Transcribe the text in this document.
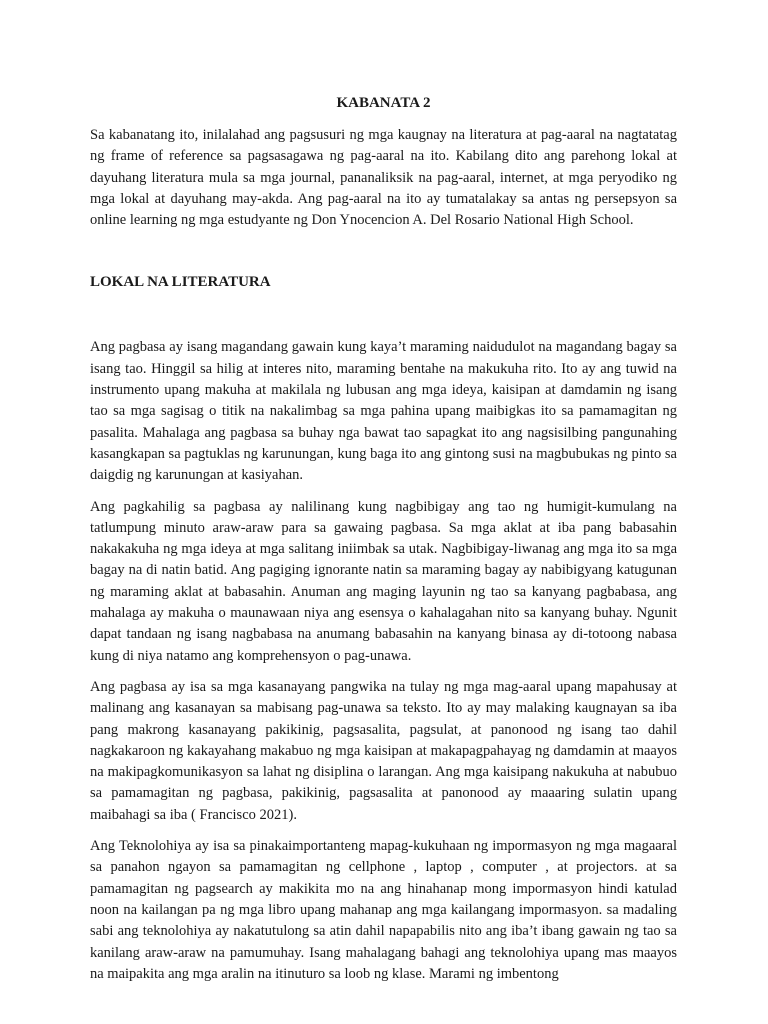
KABANATA 2

Sa kabanatang ito, inilalahad ang pagsusuri ng mga kaugnay na literatura at pag-aaral na nagtatatag ng frame of reference sa pagsasagawa ng pag-aaral na ito. Kabilang dito ang parehong lokal at dayuhang literatura mula sa mga journal, pananaliksik na pag-aaral, internet, at mga peryodiko ng mga lokal at dayuhang may-akda. Ang pag-aaral na ito ay tumatalakay sa antas ng persepsyon sa online learning ng mga estudyante ng Don Ynocencion A. Del Rosario National High School.

LOKAL NA LITERATURA

Ang pagbasa ay isang magandang gawain kung kaya’t maraming naidudulot na magandang bagay sa isang tao. Hinggil sa hilig at interes nito, maraming bentahe na makukuha rito. Ito ay ang tuwid na instrumento upang makuha at makilala ng lubusan ang mga ideya, kaisipan at damdamin ng isang tao sa mga sagisag o titik na nakalimbag sa mga pahina upang maibigkas ito sa pamamagitan ng pasalita. Mahalaga ang pagbasa sa buhay nga bawat tao sapagkat ito ang nagsisilbing pangunahing kasangkapan sa pagtuklas ng karunungan, kung baga ito ang gintong susi na magbubukas ng pinto sa daigdig ng karunungan at kasiyahan.

Ang pagkahilig sa pagbasa ay nalilinang kung nagbibigay ang tao ng humigit-kumulang na tatlumpung minuto araw-araw para sa gawaing pagbasa. Sa mga aklat at iba pang babasahin nakakakuha ng mga ideya at mga salitang iniimbak sa utak. Nagbibigay-liwanag ang mga ito sa mga bagay na di natin batid. Ang pagiging ignorante natin sa maraming bagay ay nabibigyang katugunan ng maraming aklat at babasahin. Anuman ang maging layunin ng tao sa kanyang pagbabasa, ang mahalaga ay makuha o maunawaan niya ang esensya o kahalagahan nito sa kanyang buhay. Ngunit dapat tandaan ng isang nagbabasa na anumang babasahin na kanyang binasa ay di-totoong nabasa kung di niya natamo ang komprehensyon o pag-unawa.

Ang pagbasa ay isa sa mga kasanayang pangwika na tulay ng mga mag-aaral upang mapahusay at malinang ang kasanayan sa mabisang pag-unawa sa teksto. Ito ay may malaking kaugnayan sa iba pang makrong kasanayang pakikinig, pagsasalita, pagsulat, at panonood ng isang tao dahil nagkakaroon ng kakayahang makabuo ng mga kaisipan at makapagpahayag ng damdamin at maayos na makipagkomunikasyon sa lahat ng disiplina o larangan. Ang mga kaisipang nakukuha at nabubuo sa pamamagitan ng pagbasa, pakikinig, pagsasalita at panonood ay maaaring sulatin upang maibahagi sa iba ( Francisco 2021).

Ang Teknolohiya ay isa sa pinakaimportanteng mapag-kukuhaan ng impormasyon ng mga magaaral sa panahon ngayon sa pamamagitan ng cellphone , laptop , computer , at projectors. at sa pamamagitan ng pagsearch ay makikita mo na ang hinahanap mong impormasyon hindi katulad noon na kailangan pa ng mga libro upang mahanap ang mga kailangang impormasyon. sa madaling sabi ang teknolohiya ay nakatutulong sa atin dahil napapabilis nito ang iba’t ibang gawain ng tao sa kanilang araw-araw na pamumuhay. Isang mahalagang bahagi ang teknolohiya upang mas maayos na maipakita ang mga aralin na itinuturo sa loob ng klase. Marami ng imbentong
